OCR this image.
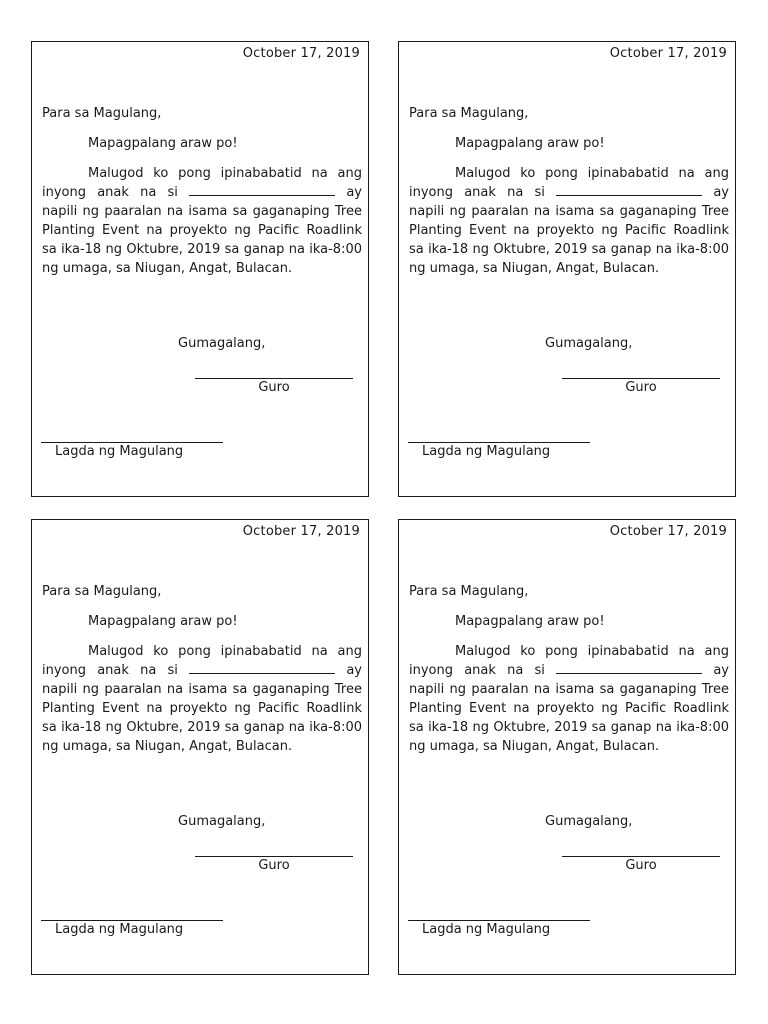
October 17, 2019
Para sa Magulang,
Mapagpalang araw po!

Malugod ko pong ipinababatid na ang inyong anak na si	ay napili ng paaralan na isama sa gaganaping Tree Planting Event na proyekto ng Pacific Roadlink sa ika-18 ng Oktubre, 2019 sa ganap na ika-8:00 ng umaga, sa Niugan, Angat, Bulacan.

Gumagalang,
Guro
Lagda ng Magulang
October 17, 2019
Para sa Magulang,
Mapagpalang araw po!

Malugod ko pong ipinababatid na ang inyong anak na si	ay napili ng paaralan na isama sa gaganaping Tree Planting Event na proyekto ng Pacific Roadlink sa ika-18 ng Oktubre, 2019 sa ganap na ika-8:00 ng umaga, sa Niugan, Angat, Bulacan.

Gumagalang,
Guro
Lagda ng Magulang
October 17, 2019
Para sa Magulang,
Mapagpalang araw po!

Malugod ko pong ipinababatid na ang inyong anak na si	ay napili ng paaralan na isama sa gaganaping Tree Planting Event na proyekto ng Pacific Roadlink sa ika-18 ng Oktubre, 2019 sa ganap na ika-8:00 ng umaga, sa Niugan, Angat, Bulacan.

Gumagalang,
Guro
Lagda ng Magulang
October 17, 2019
Para sa Magulang,
Mapagpalang araw po!

Malugod ko pong ipinababatid na ang inyong anak na si	ay napili ng paaralan na isama sa gaganaping Tree Planting Event na proyekto ng Pacific Roadlink sa ika-18 ng Oktubre, 2019 sa ganap na ika-8:00 ng umaga, sa Niugan, Angat, Bulacan.

Gumagalang,
Guro
Lagda ng Magulang
